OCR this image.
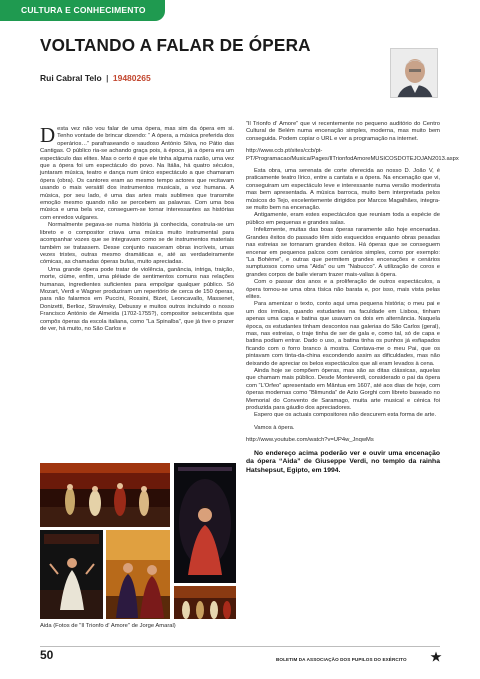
CULTURA E CONHECIMENTO
VOLTANDO A FALAR DE ÓPERA
Rui Cabral Telo | 19480265

Desta vez não vou falar de uma ópera, mas sim da ópera em si. Tenho vontade de brincar dizendo: “ A ópera, a música preferida dos operários…” parafraseando o saudoso António Silva, no Pátio das Cantigas. O público ria-se achando graça pois, à época, já a ópera era um espectáculo das elites. Mas o certo é que ele tinha alguma razão, uma vez que a ópera foi um espectáculo do povo. Na Itália, há quatro séculos, juntaram música, teatro e dança num único espectáculo a que chamaram ópera (obra). Os cantores eram ao mesmo tempo actores que recitavam usando o mais versátil dos instrumentos musicais, a voz humana. A música, por seu lado, é uma das artes mais sublimes que transmite emoção mesmo quando não se percebem as palavras. Com uma boa música e uma bela voz, conseguem-se tornar interessantes as histórias com enredos vulgares.

Normalmente pegava-se numa história já conhecida, construía-se um libreto e o compositor criava uma música muito instrumental para acompanhar vozes que se integravam como se de instrumentos materiais também se tratassem. Desse conjunto nasceram obras incríveis, umas vezes tristes, outras mesmo dramáticas e, até as verdadeiramente cómicas, as chamadas óperas bufas, muito apreciadas.

Uma grande ópera pode tratar de violência, ganância, intriga, traição, morte, ciúme, enfim, uma pléiade de sentimentos comuns nas relações humanas, ingredientes suficientes para empolgar qualquer público. Só Mozart, Verdi e Wagner produziram um repertório de cerca de 150 óperas, para não falarmos em Puccini, Rossini, Bizet, Leoncavallo, Massenet, Donizetti, Berlioz, Stravinsky, Debussy e muitos outros incluindo o nosso Francisco António de Almeida (1702-1755?), compositor seiscentista que compôs óperas da escola italiana, como “La Spinalba”, que já tive o prazer de ver, há muito, no São Carlos e

Aida (Fotos de "Il Trionfo d' Amore" de Jorge Amaral)

“Il Trionfo d’ Amore” que vi recentemente no pequeno auditório do Centro Cultural de Belém numa encenação simples, moderna, mas muito bem conseguida. Podem copiar o URL e ver a programação na internet.

http://www.ccb.pt/sites/ccb/pt-PT/Programacao/Musica/Pages/IlTrionfodAmoreMUSICOSDOTEJOJAN2013.aspx

Esta obra, uma serenata de corte oferecida ao nosso D. João V, é praticamente teatro lírico, entre a cantata e a ópera. Na encenação que vi, conseguiram um espectáculo leve e interessante numa versão moderinsta mas bem apresentada. A música barroca, muito bem interpretada pelos músicos do Tejo, excelentemente dirigidos por Marcos Magalhães, integra-se muito bem na encenação.

Antigamente, eram estes espectáculos que reuniam toda a espécie de público em pequenas e grandes salas.

Infelizmente, muitas das boas óperas raramente são hoje encenadas. Grandes êxitos do passado têm sido esquecidos enquanto obras pesadas nas estreias se tornaram grandes êxitos. Há óperas que se conseguem encenar em pequenos palcos com cenários simples, como por exemplo: “La Bohème”, e outras que permitem grandes encenações e cenários sumptuosos como uma “Aida” ou um “Nabucco”. A utilização de coros e grandes corpos de baile vieram trazer mais-valias à ópera.

Com o passar dos anos e a proliferação de outros espectáculos, a ópera tornou-se uma obra tísica não barata e, por isso, mais vista pelas elites.

Para amenizar o texto, conto aqui uma pequena história; o meu pai e um dos irmãos, quando estudantes na faculdade em Lisboa, tinham apenas uma capa e batina que usavam os dois em alternância. Naquela época, os estudantes tinham descontos nas galerias do São Carlos (geral), mas, nas estreias, o traje tinha de ser de gala e, como tal, só de capa e batina podiam entrar. Dado o uso, a batina tinha os punhos já esfiapados ficando com o forro branco à mostra. Contava-me o meu Pai, que os pintavam com tinta-da-china escondendo assim as dificuldades, mas não deixando de apreciar os belos espectáculos que ali eram levados à cena.

Ainda hoje se compõem óperas, mas são as ditas clássicas, aquelas que chamam mais público. Desde Monteverdi, considerado o pai da ópera com “L’Orfeo” apresentado em Mântua em 1607, até aos dias de hoje, com óperas modernas como “Blimunda” de Azio Gorghi com libreto baseado no Memorial do Convento de Saramago, muita arte musical e cénica foi produzida para gáudio dos apreciadores.

Espero que os actuais compositores não descurem esta forma de arte.

Vamos à ópera.

http://www.youtube.com/watch?v=UP4w_JnqwMs

No endereço acima poderão ver e ouvir uma encenação da ópera “Aida” de Giuseppe Verdi, no templo da rainha Hatshepsut, Egipto, em 1994.

50	BOLETIM DA ASSOCIAÇÃO DOS PUPILOS DO EXÉRCITO
